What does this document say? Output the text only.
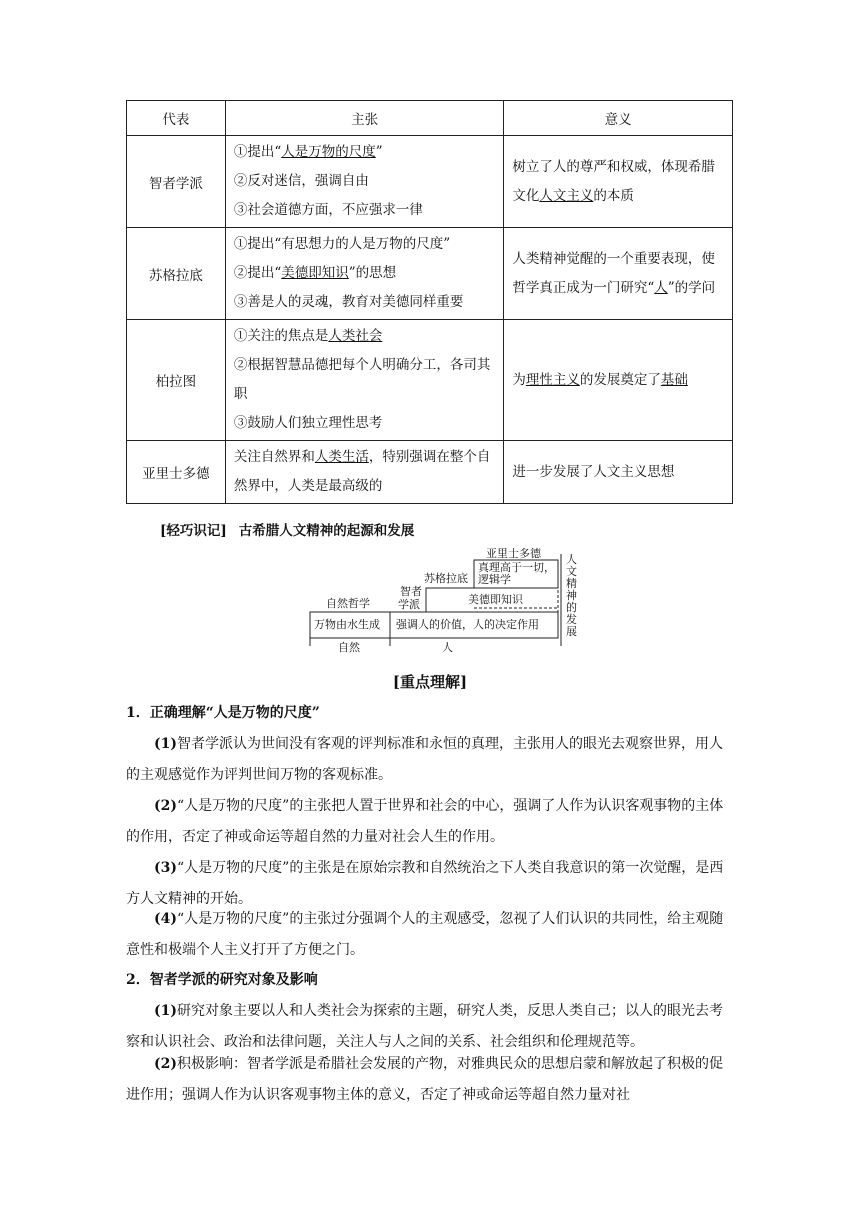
代表	主张	意义
智者学派	①提出“人是万物的尺度”
②反对迷信，强调自由
③社会道德方面，不应强求一律	树立了人的尊严和权威，体现希腊文化人文主义的本质
苏格拉底	①提出“有思想力的人是万物的尺度”
②提出“美德即知识”的思想
③善是人的灵魂，教育对美德同样重要	人类精神觉醒的一个重要表现，使哲学真正成为一门研究“人”的学问
柏拉图	①关注的焦点是人类社会
②根据智慧品德把每个人明确分工，各司其职
③鼓励人们独立理性思考	为理性主义的发展奠定了基础
亚里士多德	关注自然界和人类生活，特别强调在整个自然界中，人类是最高级的	进一步发展了人文主义思想
[轻巧识记] 古希腊人文精神的起源和发展
亚里士多德
真理高于一切，
逻辑学
苏格拉底
美德即知识
智者
学派
自然哲学
万物由水生成 强调人的价值，人的决定作用
自然	人
人文精神的发展
[重点理解]
1．正确理解“人是万物的尺度”
(1)智者学派认为世间没有客观的评判标准和永恒的真理，主张用人的眼光去观察世界，用人的主观感觉作为评判世间万物的客观标准。
(2)“人是万物的尺度”的主张把人置于世界和社会的中心，强调了人作为认识客观事物的主体的作用，否定了神或命运等超自然的力量对社会人生的作用。
(3)“人是万物的尺度”的主张是在原始宗教和自然统治之下人类自我意识的第一次觉醒，是西方人文精神的开始。
(4)“人是万物的尺度”的主张过分强调个人的主观感受，忽视了人们认识的共同性，给主观随意性和极端个人主义打开了方便之门。
2．智者学派的研究对象及影响
(1)研究对象主要以人和人类社会为探索的主题，研究人类，反思人类自己；以人的眼光去考察和认识社会、政治和法律问题，关注人与人之间的关系、社会组织和伦理规范等。
(2)积极影响：智者学派是希腊社会发展的产物，对雅典民众的思想启蒙和解放起了积极的促进作用；强调人作为认识客观事物主体的意义，否定了神或命运等超自然力量对社
